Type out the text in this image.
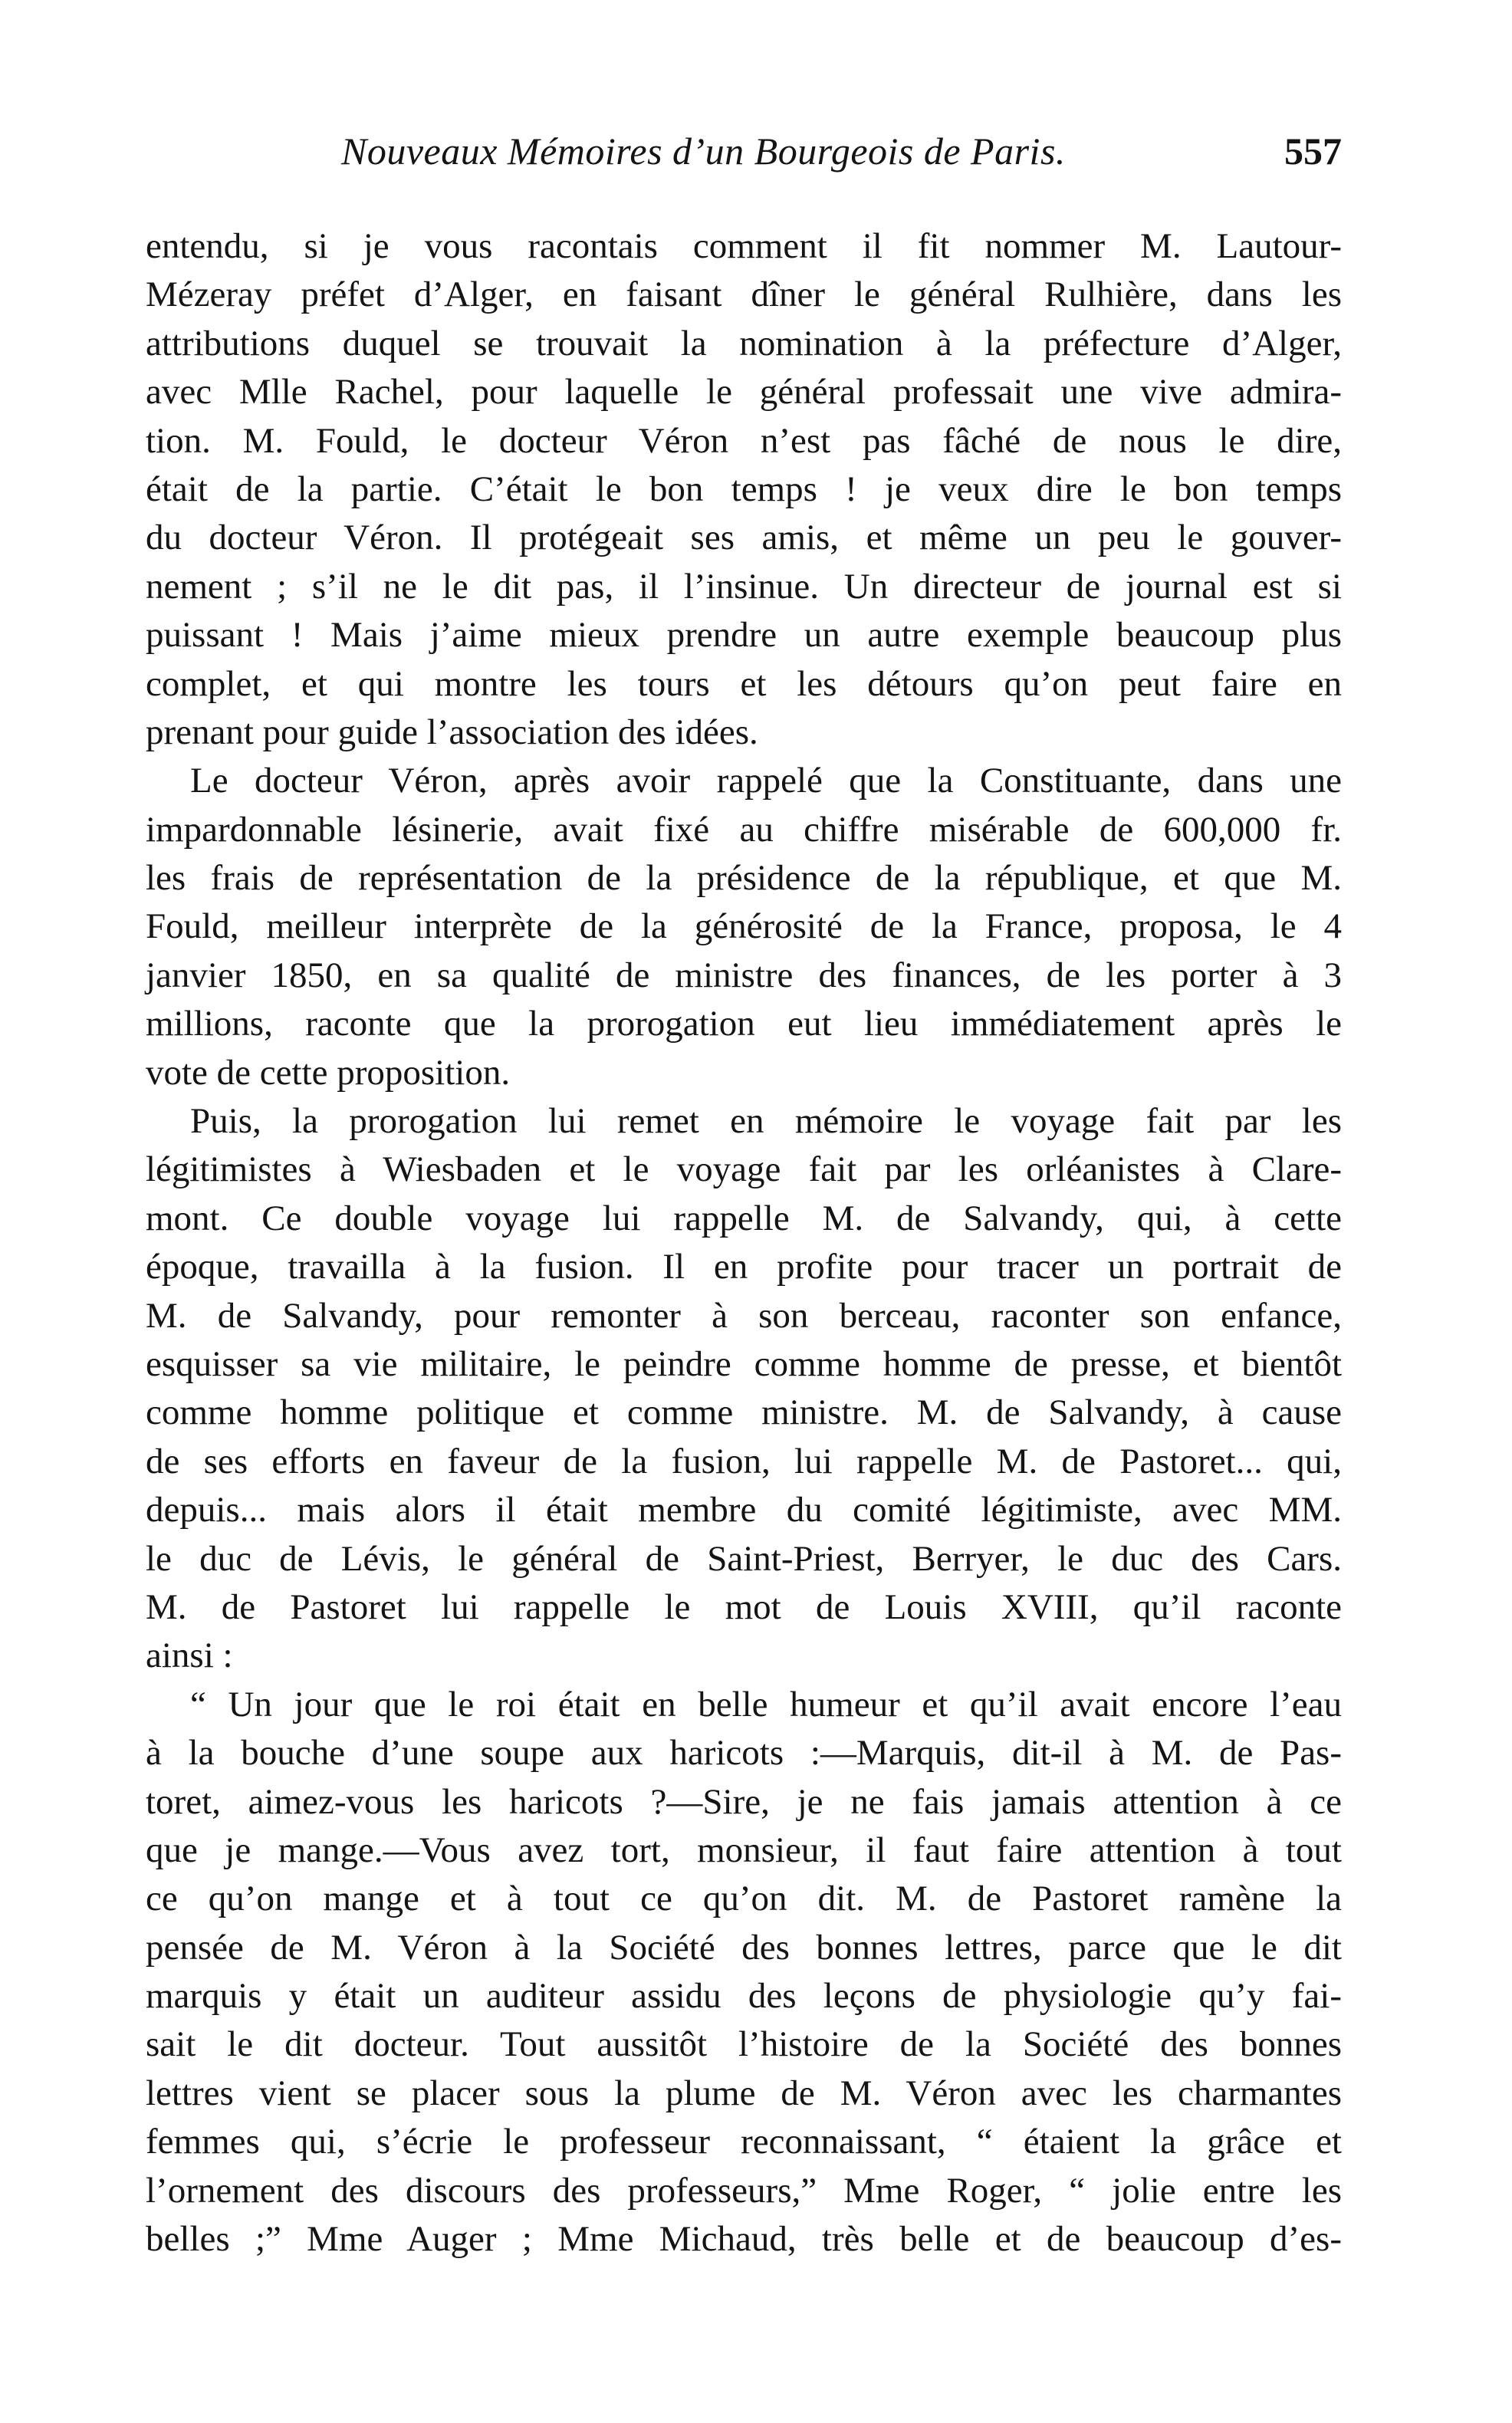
Nouveaux Mémoires d’un Bourgeois de Paris.	557
entendu, si je vous racontais comment il fit nommer M. Lautour-
Mézeray préfet d’Alger, en faisant dîner le général Rulhière, dans les
attributions duquel se trouvait la nomination à la préfecture d’Alger,
avec Mlle Rachel, pour laquelle le général professait une vive admira-
tion. M. Fould, le docteur Véron n’est pas fâché de nous le dire,
était de la partie. C’était le bon temps ! je veux dire le bon temps
du docteur Véron. Il protégeait ses amis, et même un peu le gouver-
nement ; s’il ne le dit pas, il l’insinue. Un directeur de journal est si
puissant ! Mais j’aime mieux prendre un autre exemple beaucoup plus
complet, et qui montre les tours et les détours qu’on peut faire en
prenant pour guide l’association des idées.
Le docteur Véron, après avoir rappelé que la Constituante, dans une
impardonnable lésinerie, avait fixé au chiffre misérable de 600,000 fr.
les frais de représentation de la présidence de la république, et que M.
Fould, meilleur interprète de la générosité de la France, proposa, le 4
janvier 1850, en sa qualité de ministre des finances, de les porter à 3
millions, raconte que la prorogation eut lieu immédiatement après le
vote de cette proposition.
Puis, la prorogation lui remet en mémoire le voyage fait par les
légitimistes à Wiesbaden et le voyage fait par les orléanistes à Clare-
mont. Ce double voyage lui rappelle M. de Salvandy, qui, à cette
époque, travailla à la fusion. Il en profite pour tracer un portrait de
M. de Salvandy, pour remonter à son berceau, raconter son enfance,
esquisser sa vie militaire, le peindre comme homme de presse, et bientôt
comme homme politique et comme ministre. M. de Salvandy, à cause
de ses efforts en faveur de la fusion, lui rappelle M. de Pastoret... qui,
depuis... mais alors il était membre du comité légitimiste, avec MM.
le duc de Lévis, le général de Saint-Priest, Berryer, le duc des Cars.
M. de Pastoret lui rappelle le mot de Louis XVIII, qu’il raconte
ainsi :
“ Un jour que le roi était en belle humeur et qu’il avait encore l’eau
à la bouche d’une soupe aux haricots :—Marquis, dit-il à M. de Pas-
toret, aimez-vous les haricots ?—Sire, je ne fais jamais attention à ce
que je mange.—Vous avez tort, monsieur, il faut faire attention à tout
ce qu’on mange et à tout ce qu’on dit. M. de Pastoret ramène la
pensée de M. Véron à la Société des bonnes lettres, parce que le dit
marquis y était un auditeur assidu des leçons de physiologie qu’y fai-
sait le dit docteur. Tout aussitôt l’histoire de la Société des bonnes
lettres vient se placer sous la plume de M. Véron avec les charmantes
femmes qui, s’écrie le professeur reconnaissant, “ étaient la grâce et
l’ornement des discours des professeurs,” Mme Roger, “ jolie entre les
belles ;” Mme Auger ; Mme Michaud, très belle et de beaucoup d’es-
